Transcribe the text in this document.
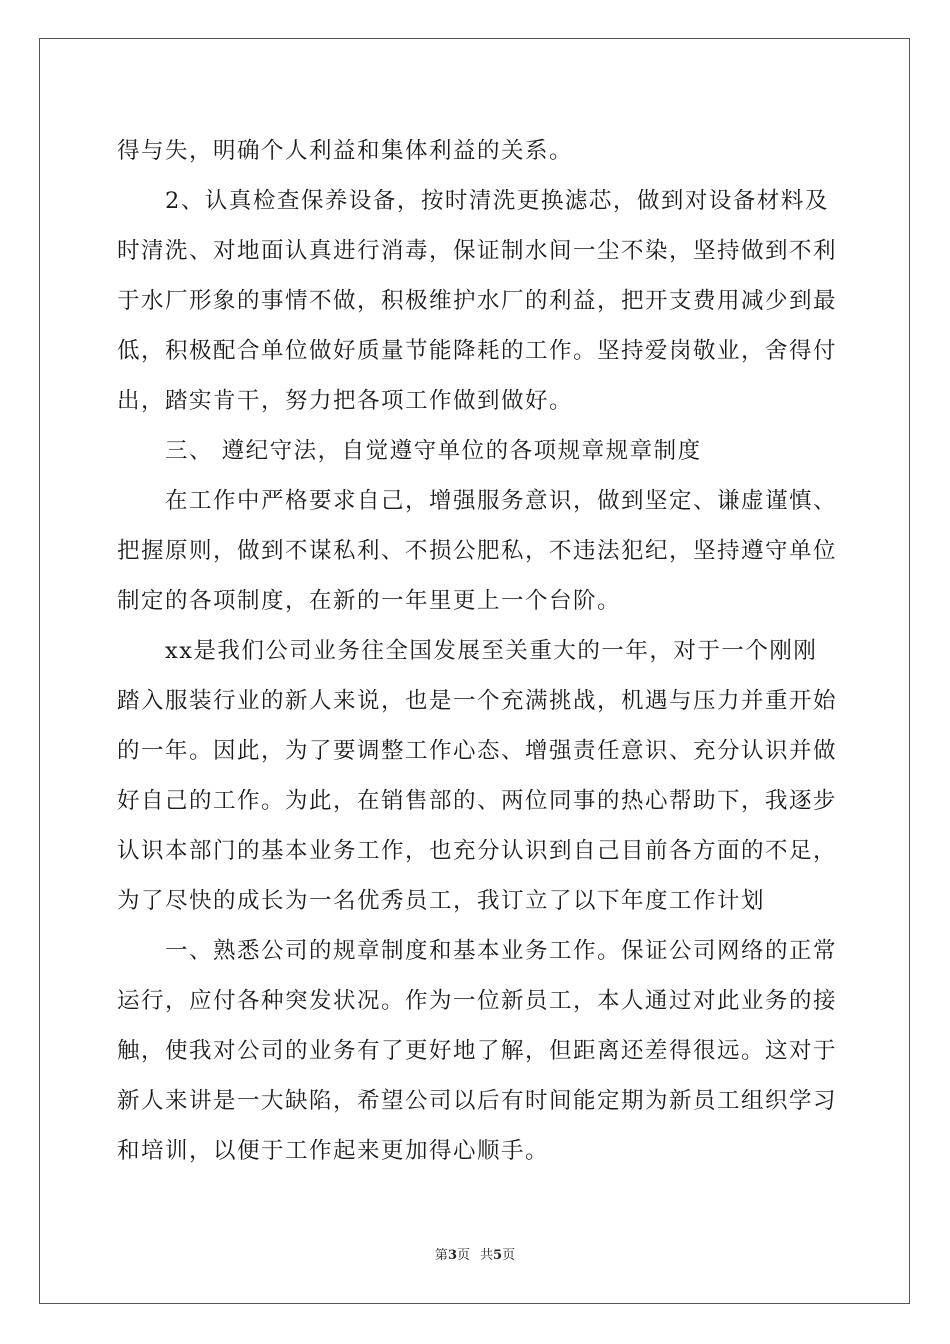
得与失，明确个人利益和集体利益的关系。
2、认真检查保养设备，按时清洗更换滤芯，做到对设备材料及
时清洗、对地面认真进行消毒，保证制水间一尘不染，坚持做到不利
于水厂形象的事情不做，积极维护水厂的利益，把开支费用减少到最
低，积极配合单位做好质量节能降耗的工作。坚持爱岗敬业，舍得付
出，踏实肯干，努力把各项工作做到做好。
三、 遵纪守法，自觉遵守单位的各项规章规章制度
在工作中严格要求自己，增强服务意识，做到坚定、谦虚谨慎、
把握原则，做到不谋私利、不损公肥私，不违法犯纪，坚持遵守单位
制定的各项制度，在新的一年里更上一个台阶。
xx是我们公司业务往全国发展至关重大的一年，对于一个刚刚
踏入服装行业的新人来说，也是一个充满挑战，机遇与压力并重开始
的一年。因此，为了要调整工作心态、增强责任意识、充分认识并做
好自己的工作。为此，在销售部的、两位同事的热心帮助下，我逐步
认识本部门的基本业务工作，也充分认识到自己目前各方面的不足，
为了尽快的成长为一名优秀员工，我订立了以下年度工作计划
一、熟悉公司的规章制度和基本业务工作。保证公司网络的正常
运行，应付各种突发状况。作为一位新员工，本人通过对此业务的接
触，使我对公司的业务有了更好地了解，但距离还差得很远。这对于
新人来讲是一大缺陷，希望公司以后有时间能定期为新员工组织学习
和培训，以便于工作起来更加得心顺手。
第3页 共5页
